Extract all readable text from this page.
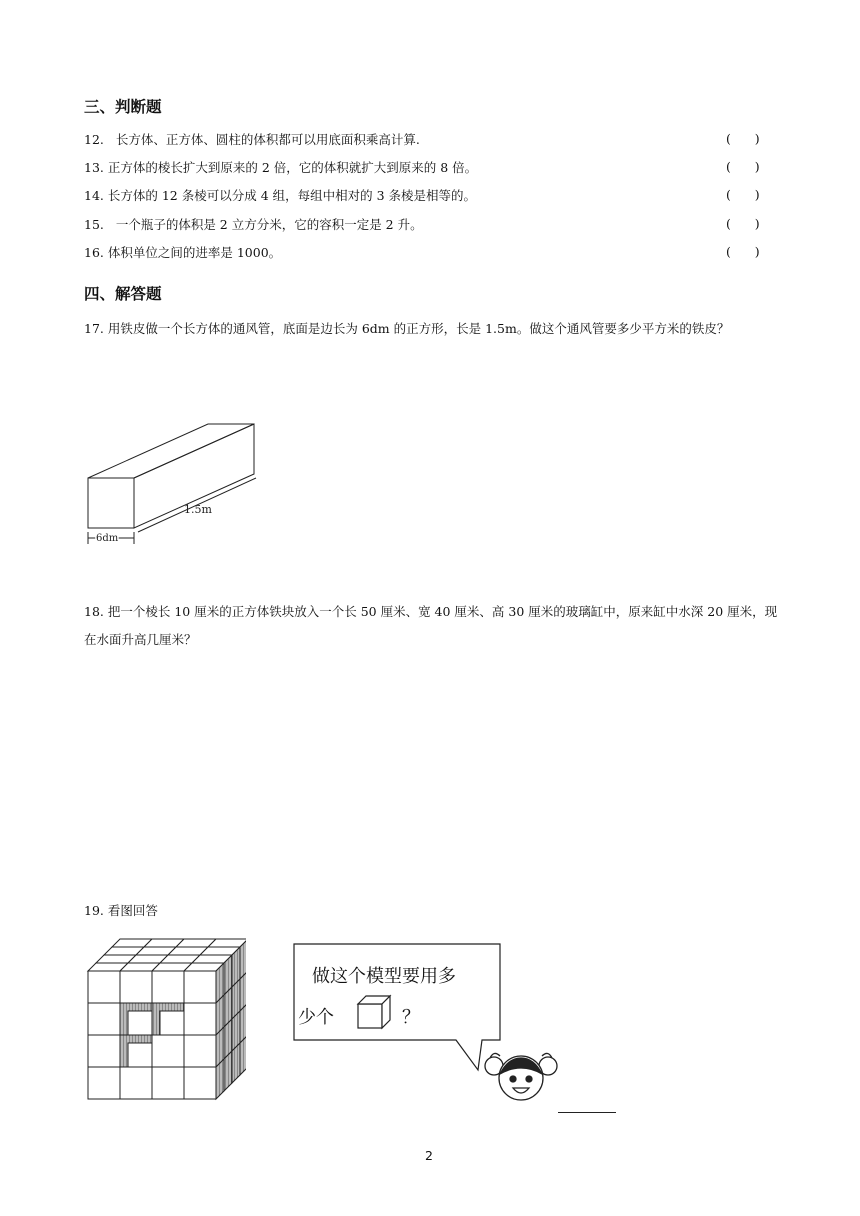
三、判断题
12. 长方体、正方体、圆柱的体积都可以用底面积乘高计算.	(      )
13. 正方体的棱长扩大到原来的 2 倍，它的体积就扩大到原来的 8 倍。	(      )
14. 长方体的 12 条棱可以分成 4 组，每组中相对的 3 条棱是相等的。	(      )
15. 一个瓶子的体积是 2 立方分米，它的容积一定是 2 升。	(      )
16. 体积单位之间的进率是 1000。	(      )
四、解答题
17. 用铁皮做一个长方体的通风管，底面是边长为 6dm 的正方形，长是 1.5m。做这个通风管要多少平方米的铁皮？
1.5m
6dm
18. 把一个棱长 10 厘米的正方体铁块放入一个长 50 厘米、宽 40 厘米、高 30 厘米的玻璃缸中，原来缸中水深 20 厘米，现在水面升高几厘米？
19. 看图回答
做这个模型要用多
少个	？
2
